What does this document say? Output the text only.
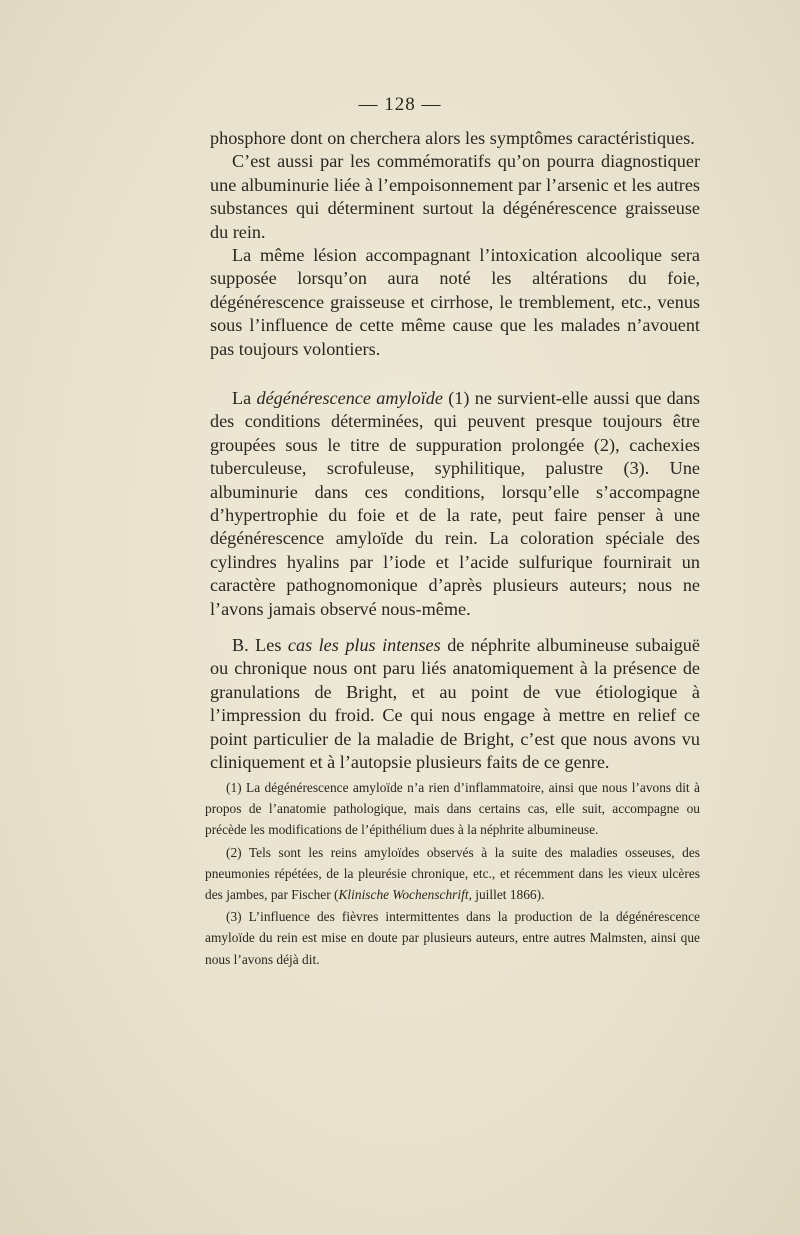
— 128 —

phosphore dont on cherchera alors les symptômes caractéristiques.

C’est aussi par les commémoratifs qu’on pourra diagnostiquer une albuminurie liée à l’empoisonnement par l’arsenic et les autres substances qui déterminent surtout la dégénérescence graisseuse du rein.

La même lésion accompagnant l’intoxication alcoolique sera supposée lorsqu’on aura noté les altérations du foie, dégénérescence graisseuse et cirrhose, le tremblement, etc., venus sous l’influence de cette même cause que les malades n’avouent pas toujours volontiers.

La dégénérescence amyloïde (1) ne survient-elle aussi que dans des conditions déterminées, qui peuvent presque toujours être groupées sous le titre de suppuration prolongée (2), cachexies tuberculeuse, scrofuleuse, syphilitique, palustre (3). Une albuminurie dans ces conditions, lorsqu’elle s’accompagne d’hypertrophie du foie et de la rate, peut faire penser à une dégénérescence amyloïde du rein. La coloration spéciale des cylindres hyalins par l’iode et l’acide sulfurique fournirait un caractère pathognomonique d’après plusieurs auteurs; nous ne l’avons jamais observé nous-même.

B. Les cas les plus intenses de néphrite albumineuse subaiguë ou chronique nous ont paru liés anatomiquement à la présence de granulations de Bright, et au point de vue étiologique à l’impression du froid. Ce qui nous engage à mettre en relief ce point particulier de la maladie de Bright, c’est que nous avons vu cliniquement et à l’autopsie plusieurs faits de ce genre.

(1) La dégénérescence amyloïde n’a rien d’inflammatoire, ainsi que nous l’avons dit à propos de l’anatomie pathologique, mais dans certains cas, elle suit, accompagne ou précède les modifications de l’épithélium dues à la néphrite albumineuse.

(2) Tels sont les reins amyloïdes observés à la suite des maladies osseuses, des pneumonies répétées, de la pleurésie chronique, etc., et récemment dans les vieux ulcères des jambes, par Fischer (Klinische Wochenschrift, juillet 1866).

(3) L’influence des fièvres intermittentes dans la production de la dégénérescence amyloïde du rein est mise en doute par plusieurs auteurs, entre autres Malmsten, ainsi que nous l’avons déjà dit.
